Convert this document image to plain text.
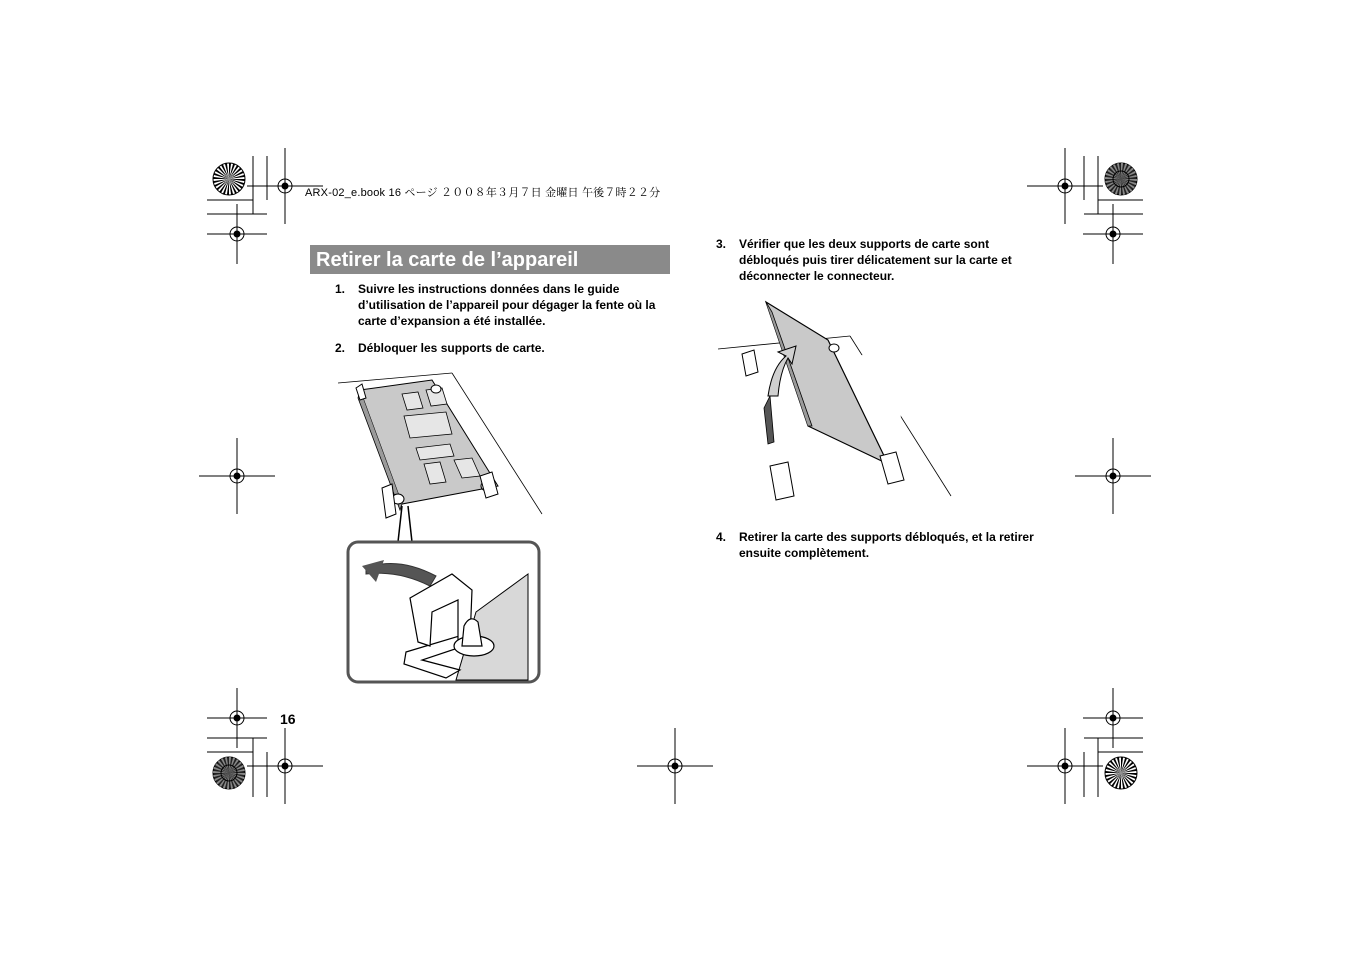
ARX-02_e.book 16 ページ ２００８年３月７日 金曜日 午後７時２２分
Retirer la carte de l’appareil
1. Suivre les instructions données dans le guide d’utilisation de l’appareil pour dégager la fente où la carte d’expansion a été installée.
2. Débloquer les supports de carte.
3. Vérifier que les deux supports de carte sont débloqués puis tirer délicatement sur la carte et déconnecter le connecteur.
4. Retirer la carte des supports débloqués, et la retirer ensuite complètement.
16
